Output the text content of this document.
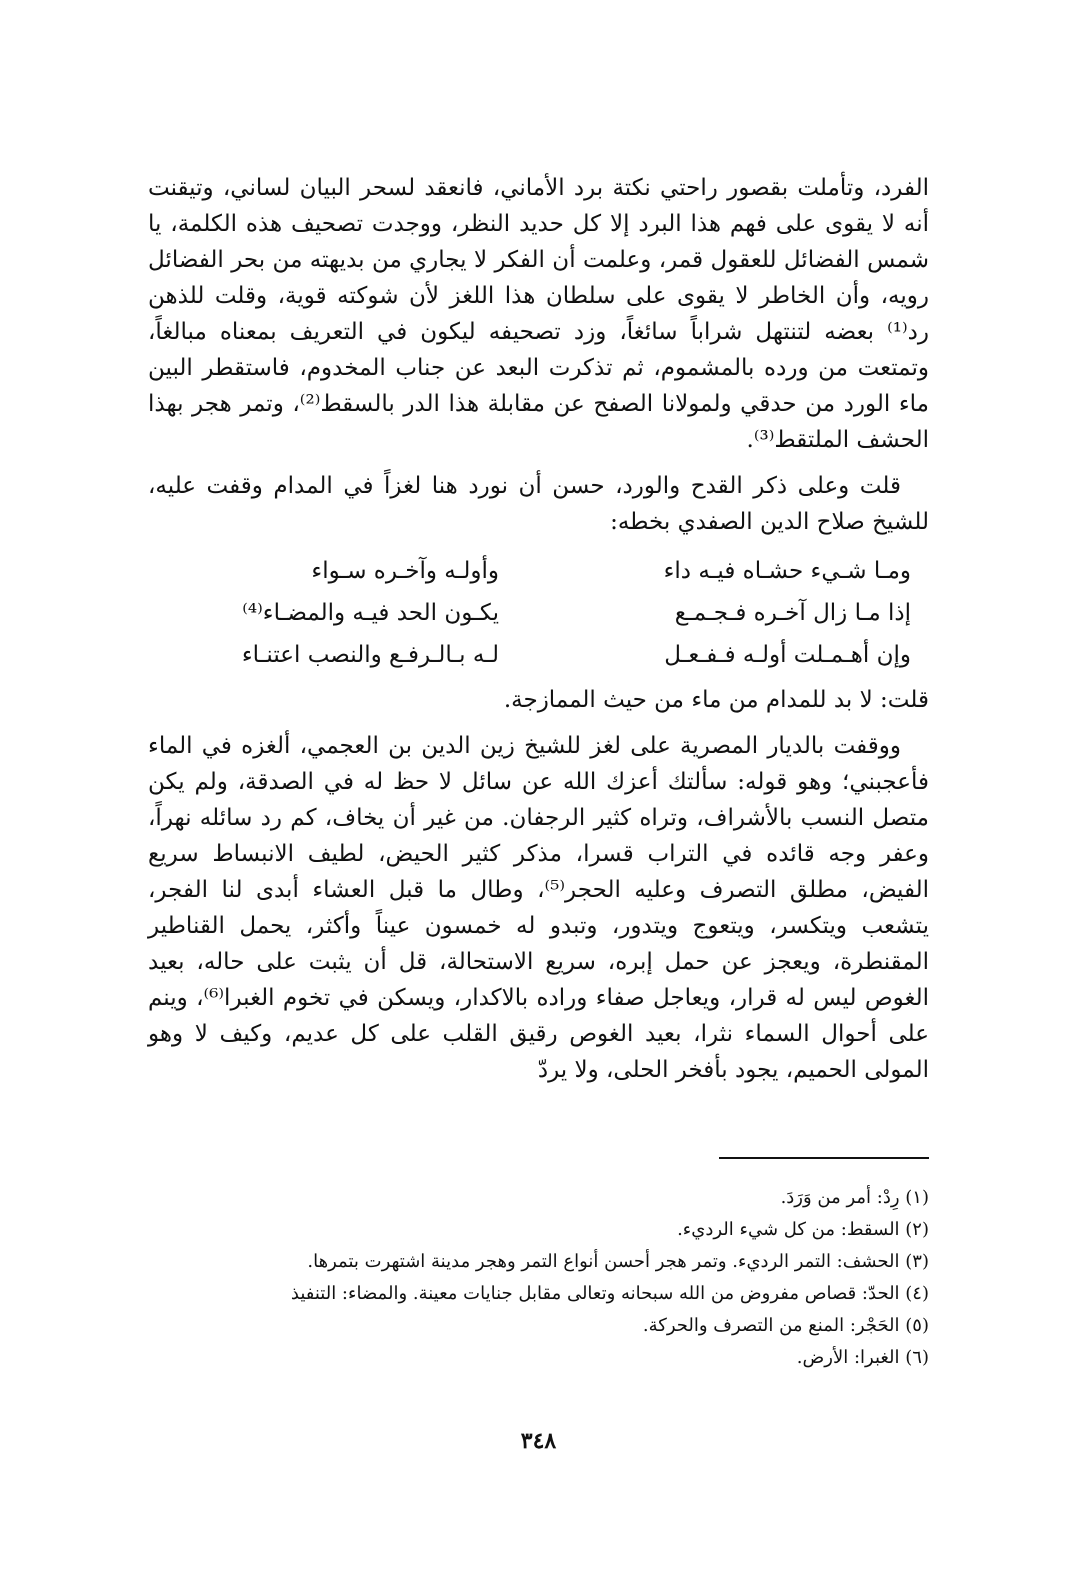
الفرد، وتأملت بقصور راحتي نكتة برد الأماني، فانعقد لسحر البيان لساني، وتيقنت أنه لا يقوى على فهم هذا البرد إلا كل حديد النظر، ووجدت تصحيف هذه الكلمة، يا شمس الفضائل للعقول قمر، وعلمت أن الفكر لا يجاري من بديهته من بحر الفضائل رويه، وأن الخاطر لا يقوى على سلطان هذا اللغز لأن شوكته قوية، وقلت للذهن رد⁽¹⁾ بعضه لتنتهل شراباً سائغاً، وزد تصحيفه ليكون في التعريف بمعناه مبالغاً، وتمتعت من ورده بالمشموم، ثم تذكرت البعد عن جناب المخدوم، فاستقطر البين ماء الورد من حدقي ولمولانا الصفح عن مقابلة هذا الدر بالسقط⁽²⁾، وتمر هجر بهذا الحشف الملتقط⁽³⁾.

قلت وعلى ذكر القدح والورد، حسن أن نورد هنا لغزاً في المدام وقفت عليه، للشيخ صلاح الدين الصفدي بخطه:

ومـا شـيء حشـاه فيـه داء
وأولـه وآخـره سـواء
إذا مـا زال آخـره فـجـمـع
يكـون الحد فيـه والمضـاء⁽⁴⁾
وإن أهـمـلت أولـه فـفـعـل
لـه بـالـرفـع والنصب اعتنـاء

قلت: لا بد للمدام من ماء من حيث الممازجة.

ووقفت بالديار المصرية على لغز للشيخ زين الدين بن العجمي، ألغزه في الماء فأعجبني؛ وهو قوله: سألتك أعزك الله عن سائل لا حظ له في الصدقة، ولم يكن متصل النسب بالأشراف، وتراه كثير الرجفان. من غير أن يخاف، كم رد سائله نهراً، وعفر وجه قائده في التراب قسرا، مذكر كثير الحيض، لطيف الانبساط سريع الفيض، مطلق التصرف وعليه الحجر⁽⁵⁾، وطال ما قبل العشاء أبدى لنا الفجر، يتشعب ويتكسر، ويتعوج ويتدور، وتبدو له خمسون عيناً وأكثر، يحمل القناطير المقنطرة، ويعجز عن حمل إبره، سريع الاستحالة، قل أن يثبت على حاله، بعيد الغوص ليس له قرار، ويعاجل صفاء وراده بالاكدار، ويسكن في تخوم الغبرا⁽⁶⁾، وينم على أحوال السماء نثرا، بعيد الغوص رقيق القلب على كل عديم، وكيف لا وهو المولى الحميم، يجود بأفخر الحلى، ولا يردّ

(١) رِدْ: أمر من وَرَدَ.

(٢) السقط: من كل شيء الرديء.

(٣) الحشف: التمر الرديء. وتمر هجر أحسن أنواع التمر وهجر مدينة اشتهرت بتمرها.

(٤) الحدّ: قصاص مفروض من الله سبحانه وتعالى مقابل جنايات معينة. والمضاء: التنفيذ

(٥) الحَجْر: المنع من التصرف والحركة.

(٦) الغبرا: الأرض.

٣٤٨
